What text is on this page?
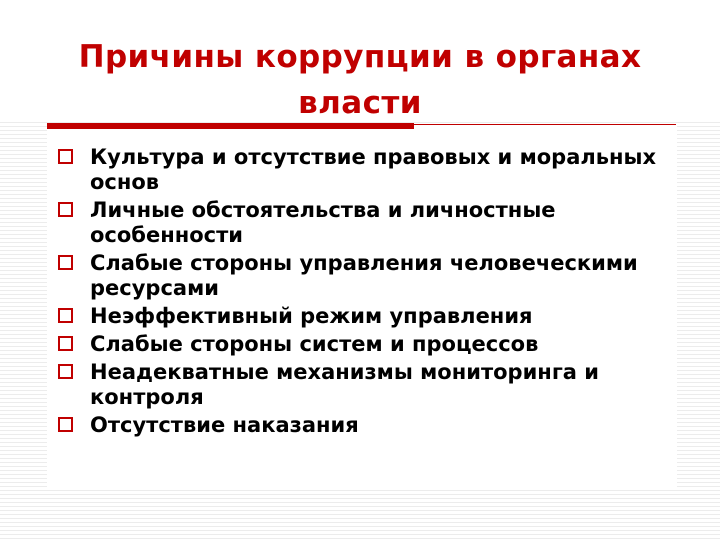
Причины коррупции в органах власти
Культура и отсутствие правовых и моральных основ
Личные обстоятельства и личностные особенности
Слабые стороны управления человеческими ресурсами
Неэффективный режим управления
Слабые стороны систем и процессов
Неадекватные механизмы мониторинга и контроля
Отсутствие наказания
